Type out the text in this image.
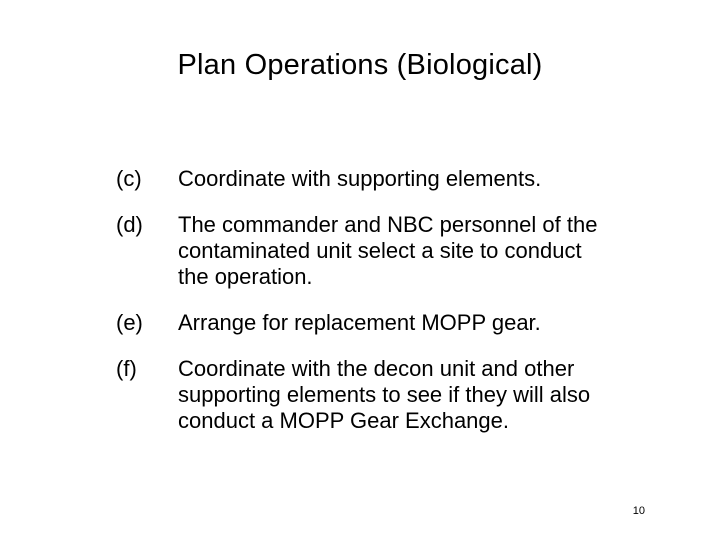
Plan Operations (Biological)
(c) Coordinate with supporting elements.
(d) The commander and NBC personnel of the contaminated unit select a site to conduct the operation.
(e) Arrange for replacement MOPP gear.
(f) Coordinate with the decon unit and other supporting elements to see if they will also conduct a MOPP Gear Exchange.
10
